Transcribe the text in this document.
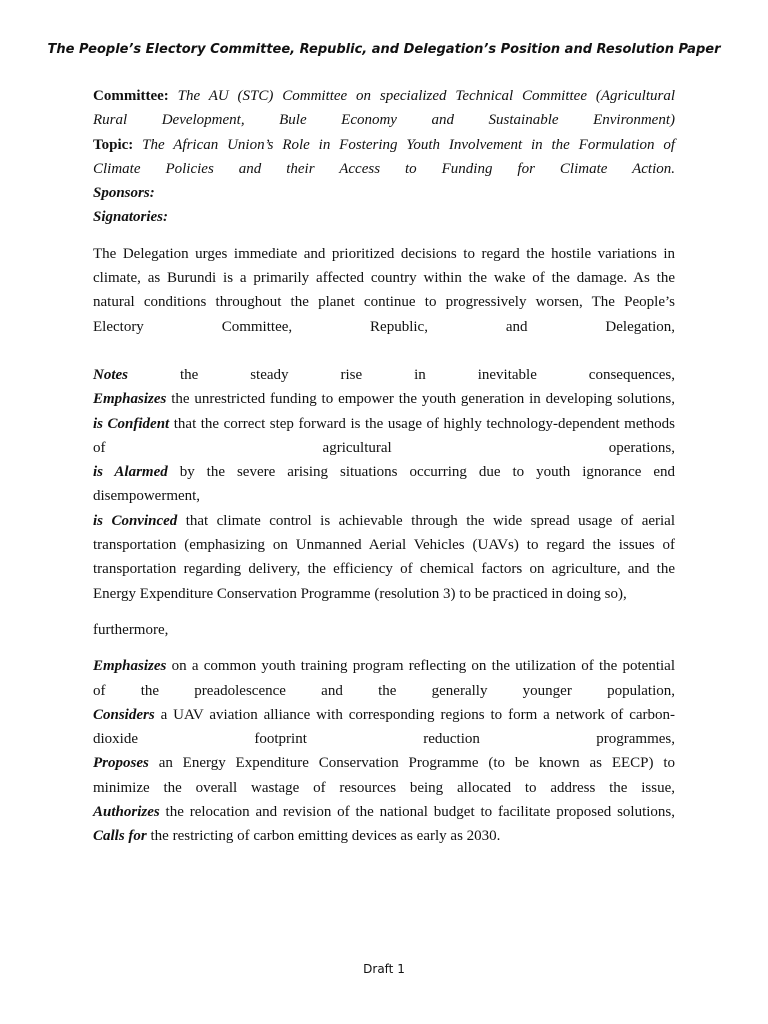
The People’s Electory Committee, Republic, and Delegation’s Position and Resolution Paper
Committee: The AU (STC) Committee on specialized Technical Committee (Agricultural
Rural Development, Bule Economy and Sustainable Environment)
Topic: The African Union’s Role in Fostering Youth Involvement in the Formulation of
Climate Policies and their Access to Funding for Climate Action.
Sponsors:
Signatories:
The Delegation urges immediate and prioritized decisions to regard the hostile variations in
climate, as Burundi is a primarily affected country within the wake of the damage. As the
natural conditions throughout the planet continue to progressively worsen, The People’s
Electory Committee, Republic, and Delegation,
Notes	the steady rise in inevitable consequences,
Emphasizes the unrestricted funding to empower the youth generation in developing solutions,
is Confident that the correct step forward is the usage of highly technology-dependent methods
of agricultural operations,
is Alarmed by the severe arising situations occurring due to youth ignorance end
disempowerment,
is Convinced that climate control is achievable through the wide spread usage of aerial
transportation (emphasizing on Unmanned Aerial Vehicles (UAVs) to regard the issues of
transportation regarding delivery, the efficiency of chemical factors on agriculture, and the
Energy Expenditure Conservation Programme (resolution 3) to be practiced in doing so),
furthermore,
Emphasizes on a common youth training program reflecting on the utilization of the potential
of the preadolescence and the generally younger population,
Considers a UAV aviation alliance with corresponding regions to form a network of carbon-
dioxide footprint reduction programmes,
Proposes an Energy Expenditure Conservation Programme (to be known as EECP) to
minimize the overall wastage of resources being allocated to address the issue,
Authorizes the relocation and revision of the national budget to facilitate proposed solutions,
Calls for the restricting of carbon emitting devices as early as 2030.
Draft 1
